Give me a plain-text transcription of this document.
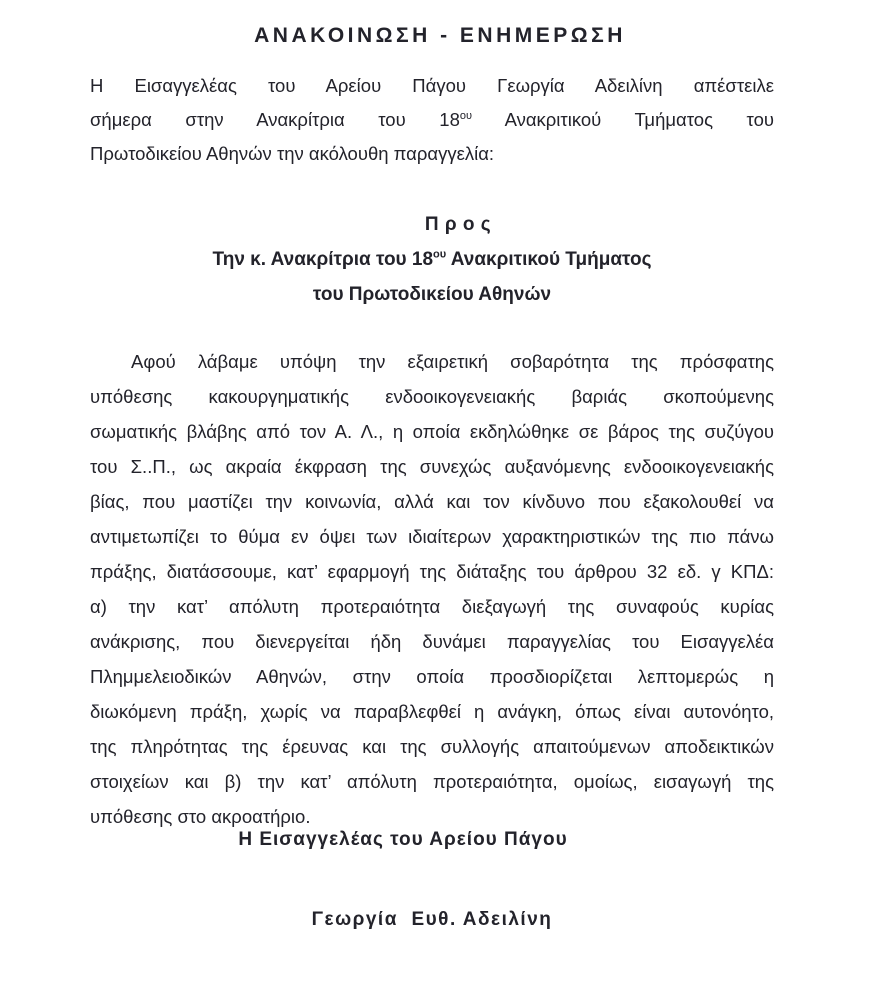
ΑΝΑΚΟΙΝΩΣΗ - ΕΝΗΜΕΡΩΣΗ
Η Εισαγγελέας του Αρείου Πάγου Γεωργία Αδειλίνη απέστειλε
σήμερα στην Ανακρίτρια του $18^{o\upsilon}$ Ανακριτικού Τμήματος του
Πρωτοδικείου Αθηνών την ακόλουθη παραγγελία:
Π ρ ο ς
Την κ. Ανακρίτρια του $18^{o\upsilon}$ Ανακριτικού Τμήματος
του Πρωτοδικείου Αθηνών
Αφού λάβαμε υπόψη την εξαιρετική σοβαρότητα της πρόσφατης
υπόθεσης κακουργηματικής ενδοοικογενειακής βαριάς σκοπούμενης
σωματικής βλάβης από τον Α. Λ., η οποία εκδηλώθηκε σε βάρος της συζύγου
του Σ..Π., ως ακραία έκφραση της συνεχώς αυξανόμενης ενδοοικογενειακής
βίας, που μαστίζει την κοινωνία, αλλά και τον κίνδυνο που εξακολουθεί να
αντιμετωπίζει το θύμα εν όψει των ιδιαίτερων χαρακτηριστικών της πιο πάνω
πράξης, διατάσσουμε, κατ’ εφαρμογή της διάταξης του άρθρου 32 εδ. γ ΚΠΔ:
α) την κατ’ απόλυτη προτεραιότητα διεξαγωγή της συναφούς κυρίας
ανάκρισης, που διενεργείται ήδη δυνάμει παραγγελίας του Εισαγγελέα
Πλημμελειοδικών Αθηνών, στην οποία προσδιορίζεται λεπτομερώς η
διωκόμενη πράξη, χωρίς να παραβλεφθεί η ανάγκη, όπως είναι αυτονόητο,
της πληρότητας της έρευνας και της συλλογής απαιτούμενων αποδεικτικών
στοιχείων και β) την κατ’ απόλυτη προτεραιότητα, ομοίως, εισαγωγή της
υπόθεσης στο ακροατήριο.
Η Εισαγγελέας του Αρείου Πάγου
Γεωργία  Ευθ. Αδειλίνη
